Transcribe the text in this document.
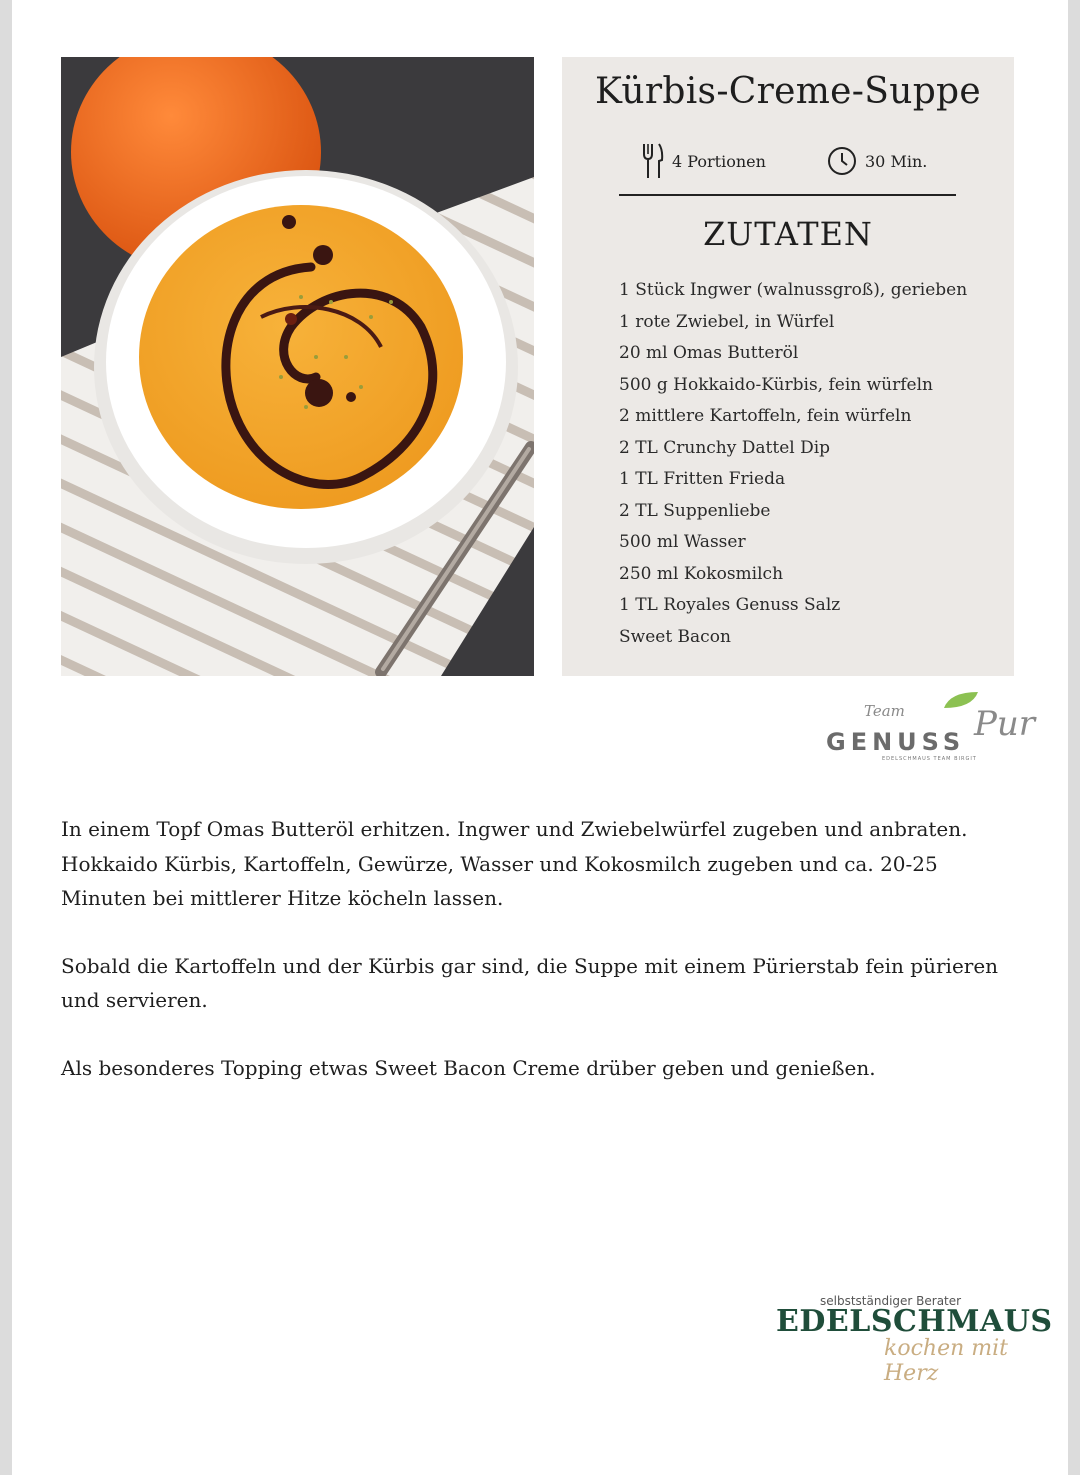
Kürbis-Creme-Suppe
4 Portionen	30 Min.
ZUTATEN
1 Stück Ingwer (walnussgroß), gerieben
1 rote Zwiebel, in Würfel
20 ml Omas Butteröl
500 g Hokkaido-Kürbis, fein würfeln
2 mittlere Kartoffeln, fein würfeln
2 TL Crunchy Dattel Dip
1 TL Fritten Frieda
2 TL Suppenliebe
500 ml Wasser
250 ml Kokosmilch
1 TL Royales Genuss Salz
Sweet Bacon
Team
GENUSS Pur
EDELSCHMAUS TEAM BIRGIT

In einem Topf Omas Butteröl erhitzen. Ingwer und Zwiebelwürfel zugeben und anbraten. Hokkaido Kürbis, Kartoffeln, Gewürze, Wasser und Kokosmilch zugeben und ca. 20-25 Minuten bei mittlerer Hitze köcheln lassen.

Sobald die Kartoffeln und der Kürbis gar sind, die Suppe mit einem Pürierstab fein pürieren und servieren.

Als besonderes Topping etwas Sweet Bacon Creme drüber geben und genießen.

selbstständiger Berater
EDELSCHMAUS
kochen mit Herz
